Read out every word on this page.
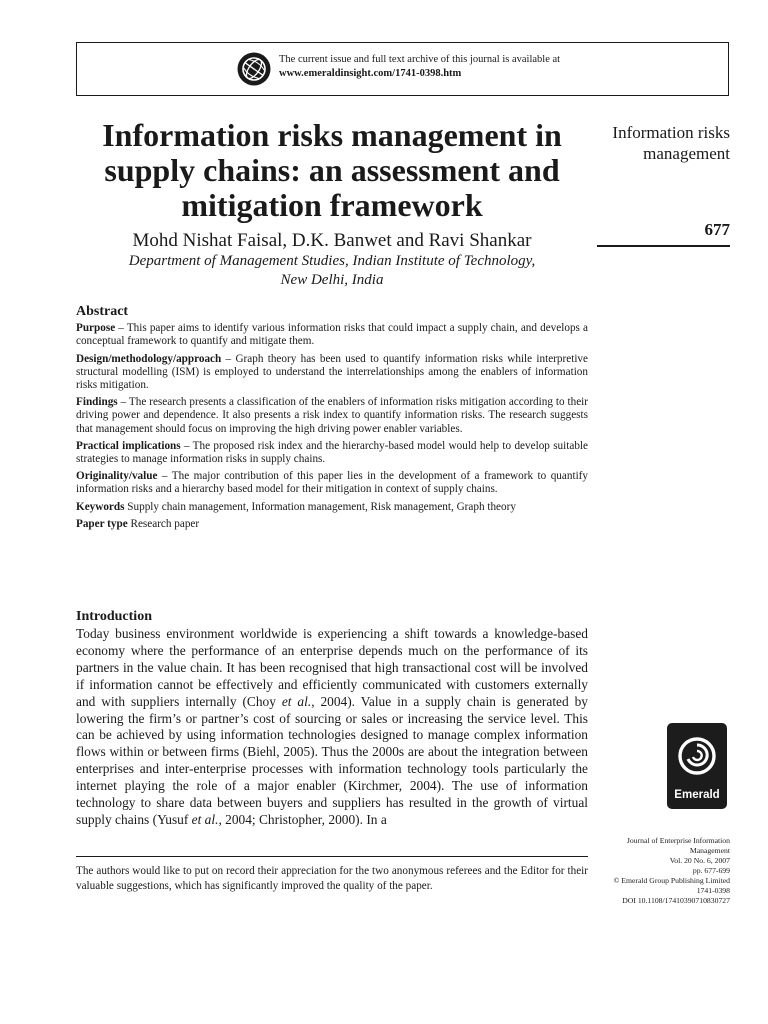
The current issue and full text archive of this journal is available at
www.emeraldinsight.com/1741-0398.htm
Information risks management in
supply chains: an assessment and
mitigation framework
Mohd Nishat Faisal, D.K. Banwet and Ravi Shankar
Department of Management Studies, Indian Institute of Technology,
New Delhi, India
Information risks
management
677
Abstract

Purpose – This paper aims to identify various information risks that could impact a supply chain, and develops a conceptual framework to quantify and mitigate them.

Design/methodology/approach – Graph theory has been used to quantify information risks while interpretive structural modelling (ISM) is employed to understand the interrelationships among the enablers of information risks mitigation.

Findings – The research presents a classification of the enablers of information risks mitigation according to their driving power and dependence. It also presents a risk index to quantify information risks. The research suggests that management should focus on improving the high driving power enabler variables.

Practical implications – The proposed risk index and the hierarchy-based model would help to develop suitable strategies to manage information risks in supply chains.

Originality/value – The major contribution of this paper lies in the development of a framework to quantify information risks and a hierarchy based model for their mitigation in context of supply chains.

Keywords Supply chain management, Information management, Risk management, Graph theory

Paper type Research paper

Introduction

Today business environment worldwide is experiencing a shift towards a knowledge-based economy where the performance of an enterprise depends much on the performance of its partners in the value chain. It has been recognised that high transactional cost will be involved if information cannot be effectively and efficiently communicated with customers externally and with suppliers internally (Choy et al., 2004). Value in a supply chain is generated by lowering the firm’s or partner’s cost of sourcing or sales or increasing the service level. This can be achieved by using information technologies designed to manage complex information flows within or between firms (Biehl, 2005). Thus the 2000s are about the integration between enterprises and inter-enterprise processes with information technology tools particularly the internet playing the role of a major enabler (Kirchmer, 2004). The use of information technology to share data between buyers and suppliers has resulted in the growth of virtual supply chains (Yusuf et al., 2004; Christopher, 2000). In a

The authors would like to put on record their appreciation for the two anonymous referees and the Editor for their valuable suggestions, which has significantly improved the quality of the paper.

Emerald
Journal of Enterprise Information
Management
Vol. 20 No. 6, 2007
pp. 677-699
© Emerald Group Publishing Limited
1741-0398
DOI 10.1108/17410390710830727
